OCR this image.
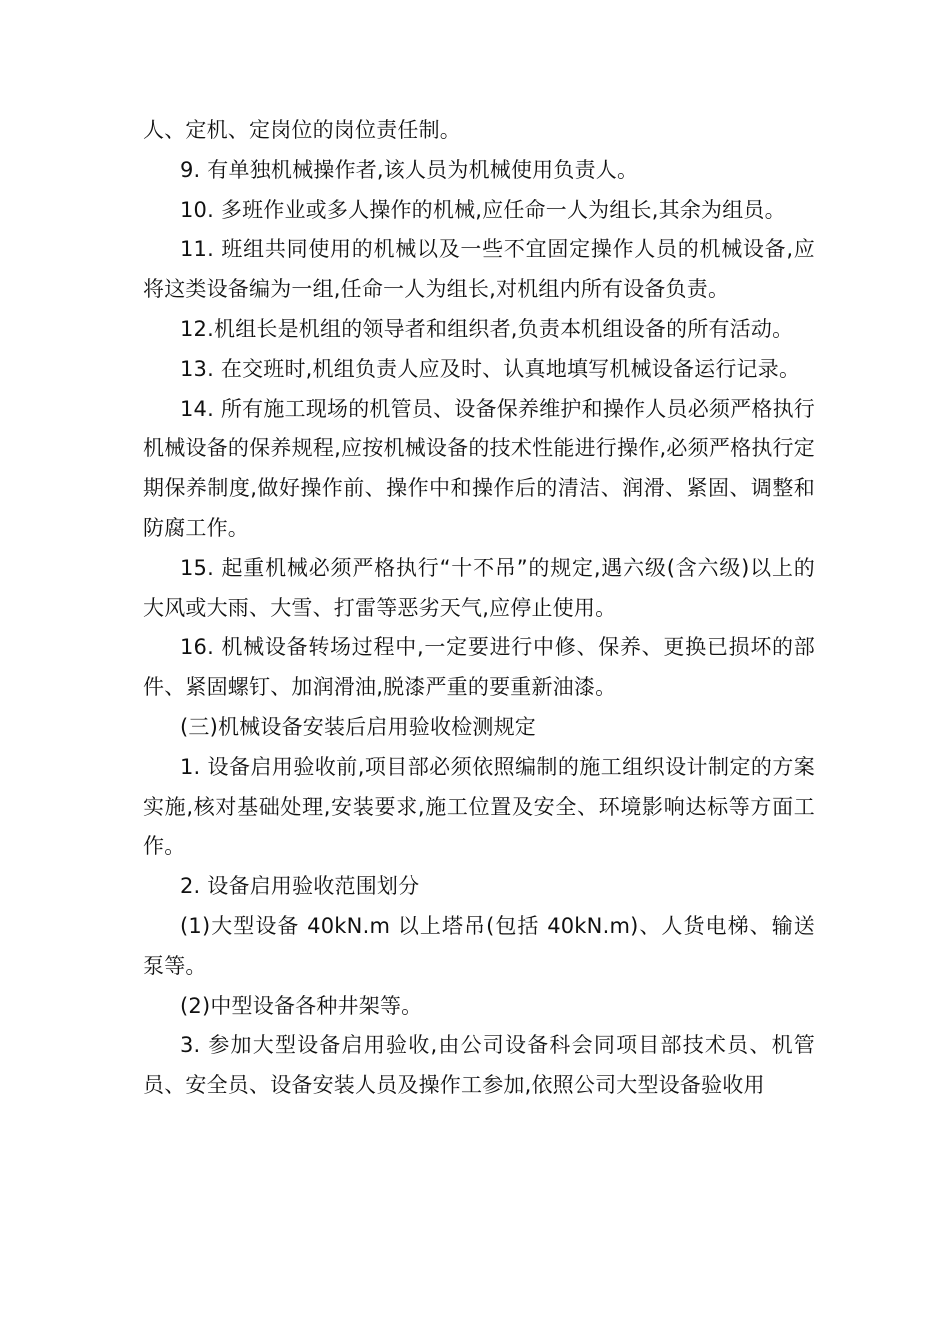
人、定机、定岗位的岗位责任制。

9. 有单独机械操作者,该人员为机械使用负责人。

10. 多班作业或多人操作的机械,应任命一人为组长,其余为组员。

11. 班组共同使用的机械以及一些不宜固定操作人员的机械设备,应将这类设备编为一组,任命一人为组长,对机组内所有设备负责。

12.机组长是机组的领导者和组织者,负责本机组设备的所有活动。

13. 在交班时,机组负责人应及时、认真地填写机械设备运行记录。

14. 所有施工现场的机管员、设备保养维护和操作人员必须严格执行机械设备的保养规程,应按机械设备的技术性能进行操作,必须严格执行定期保养制度,做好操作前、操作中和操作后的清洁、润滑、紧固、调整和防腐工作。

15. 起重机械必须严格执行“十不吊”的规定,遇六级(含六级)以上的大风或大雨、大雪、打雷等恶劣天气,应停止使用。

16. 机械设备转场过程中,一定要进行中修、保养、更换已损坏的部件、紧固螺钉、加润滑油,脱漆严重的要重新油漆。

(三)机械设备安装后启用验收检测规定

1. 设备启用验收前,项目部必须依照编制的施工组织设计制定的方案实施,核对基础处理,安装要求,施工位置及安全、环境影响达标等方面工作。

2. 设备启用验收范围划分

(1)大型设备 40kN.m 以上塔吊(包括 40kN.m)、人货电梯、输送泵等。

(2)中型设备各种井架等。

3. 参加大型设备启用验收,由公司设备科会同项目部技术员、机管员、安全员、设备安装人员及操作工参加,依照公司大型设备验收用
